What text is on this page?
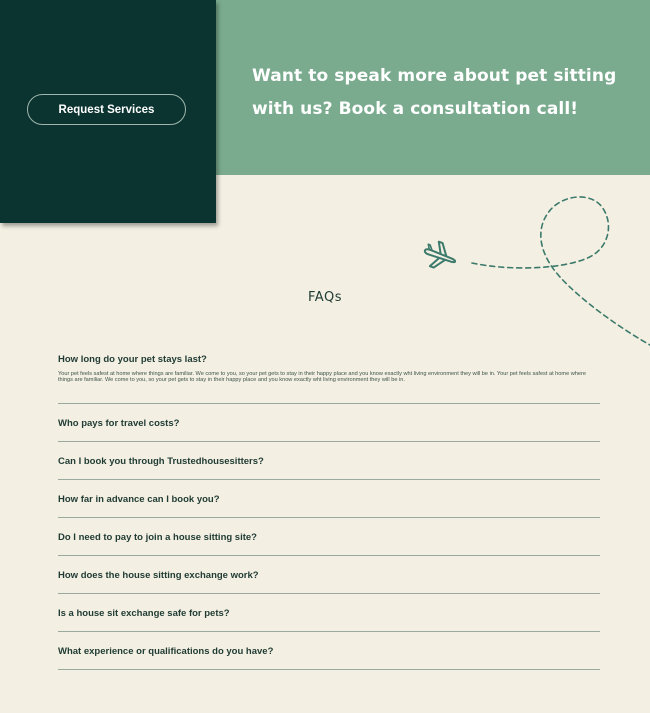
Request Services

Want to speak more about pet sitting with us? Book a consultation call!

FAQs
How long do your pet stays last?

Your pet feels safest at home where things are familiar. We come to you, so your pet gets to stay in their happy place and you know exactly wht living environment they will be in. Your pet feels safest at home where things are familiar. We come to you, so your pet gets to stay in their happy place and you know exactly wht living environment they will be in.

Who pays for travel costs?
Can I book you through Trustedhousesitters?
How far in advance can I book you?
Do I need to pay to join a house sitting site?
How does the house sitting exchange work?
Is a house sit exchange safe for pets?
What experience or qualifications do you have?
